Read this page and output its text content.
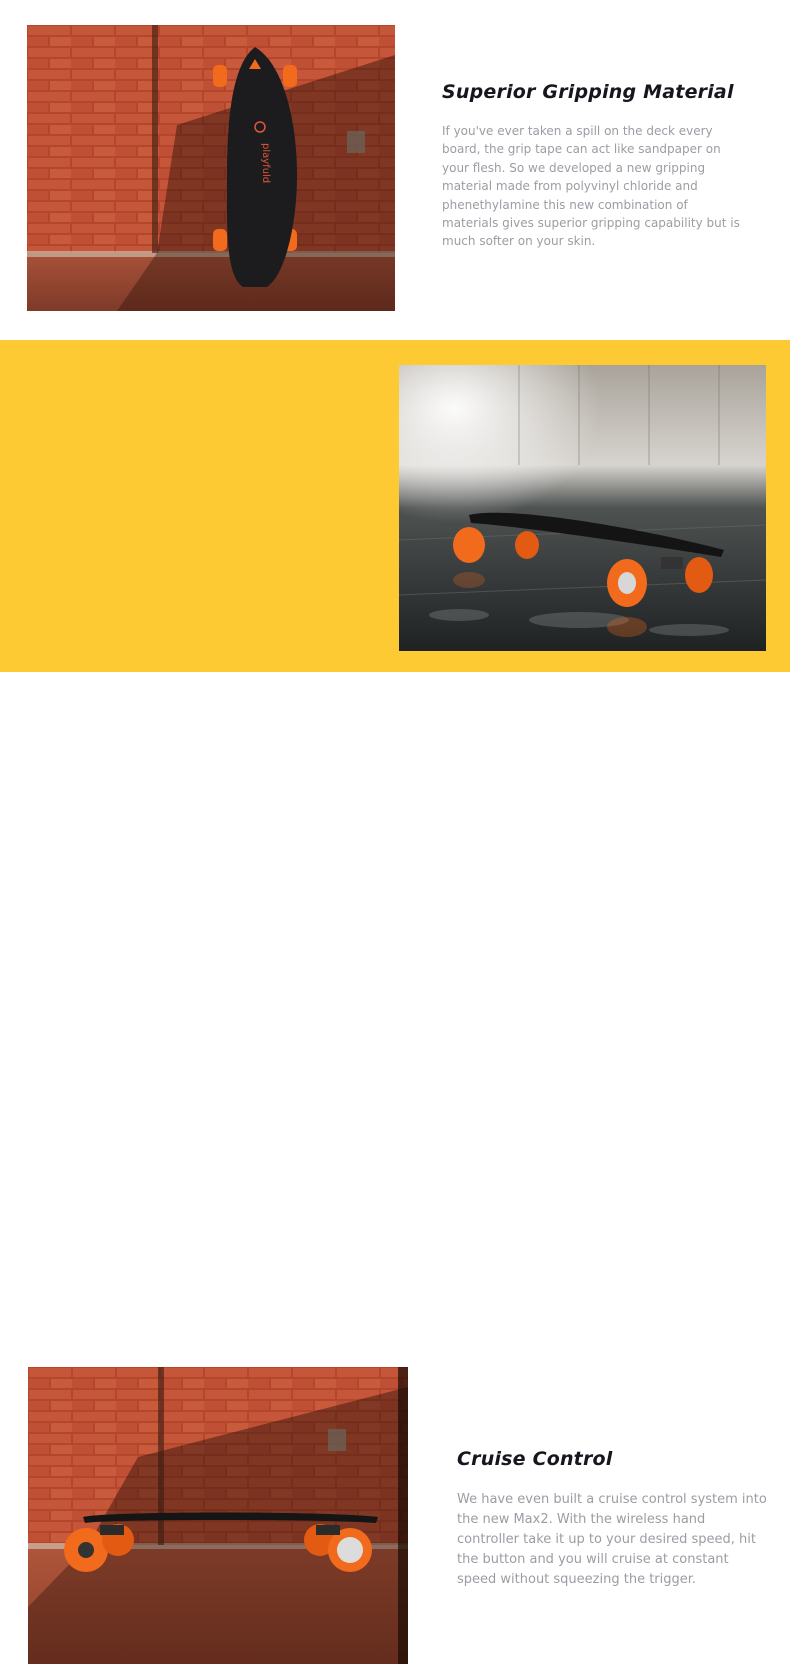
playfuld
Superior Gripping Material

If you've ever taken a spill on the deck every board, the grip tape can act like sandpaper on your flesh. So we developed a new gripping material made from polyvinyl chloride and phenethylamine this new combination of materials gives superior gripping capability but is much softer on your skin.

Cruise Control

We have even built a cruise control system into the new Max2. With the wireless hand controller take it up to your desired speed, hit the button and you will cruise at constant speed without squeezing the trigger.
